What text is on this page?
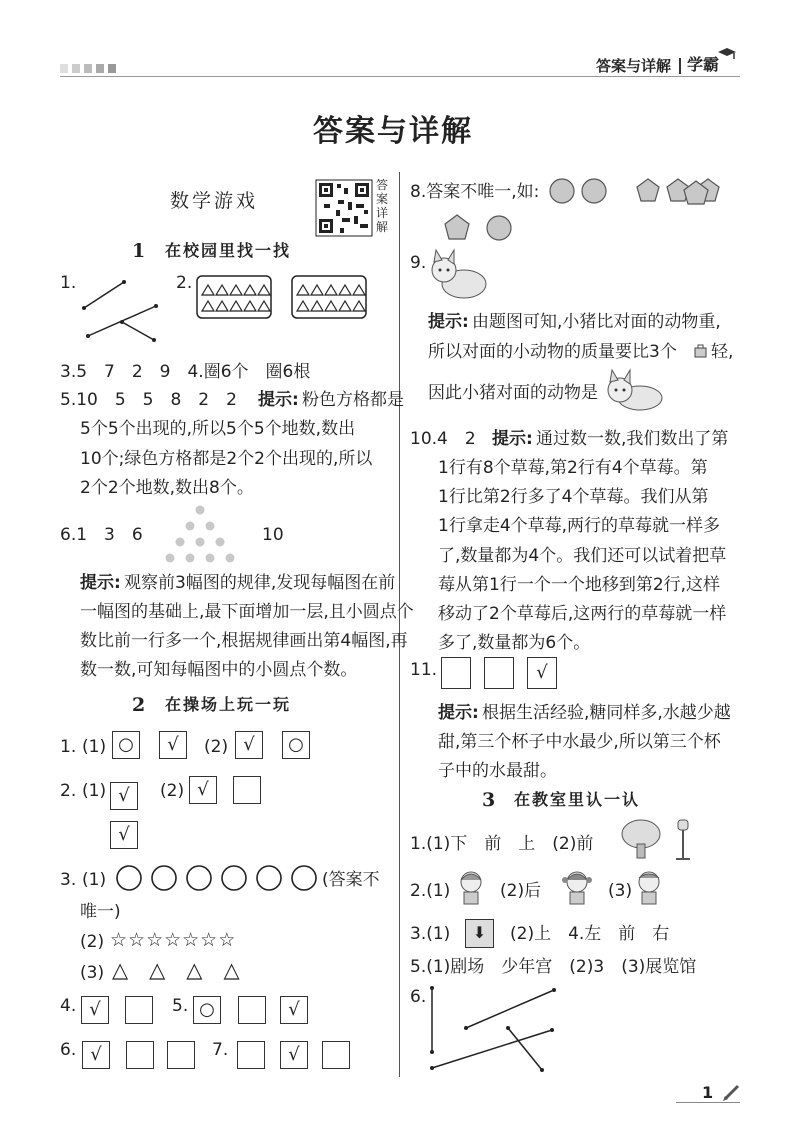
答案与详解 学霸
答案与详解
数学游戏
答案详解
1 在校园里找一找
1.	2.
3.5　7　2　9　4.圈6个　圈6根
5.10　5　5　8　2　2 提示: 粉色方格都是
5个5个出现的,所以5个5个地数,数出
10个;绿色方格都是2个2个出现的,所以
2个2个地数,数出8个。
6.1　3　6	10
提示: 观察前3幅图的规律,发现每幅图在前
一幅图的基础上,最下面增加一层,且小圆点个
数比前一行多一个,根据规律画出第4幅图,再
数一数,可知每幅图中的小圆点个数。
2 在操场上玩一玩
1. (1) ○	√	(2) √	○
2. (1) √
√
(2) √
3. (1)	(答案不
唯一)
(2) ☆☆☆☆☆☆☆
(3) △　△　△　△
4. √	5. ○	√
6. √	7.	√
8.答案不唯一,如:
9.
提示: 由题图可知,小猪比对面的动物重,
所以对面的小动物的质量要比3个 轻,
因此小猪对面的动物是
10.4　2 提示: 通过数一数,我们数出了第
1行有8个草莓,第2行有4个草莓。第
1行比第2行多了4个草莓。我们从第
1行拿走4个草莓,两行的草莓就一样多
了,数量都为4个。我们还可以试着把草
莓从第1行一个一个地移到第2行,这样
移动了2个草莓后,这两行的草莓就一样
多了,数量都为6个。
11.	√
提示: 根据生活经验,糖同样多,水越少越
甜,第三个杯子中水最少,所以第三个杯
子中的水最甜。
3 在教室里认一认
1.(1)下　前　上　(2)前
2.(1)	(2)后	(3)
3.(1)	⬇	(2)上　4.左　前　右
5.(1)剧场　少年宫　(2)3　(3)展览馆
6.
1
